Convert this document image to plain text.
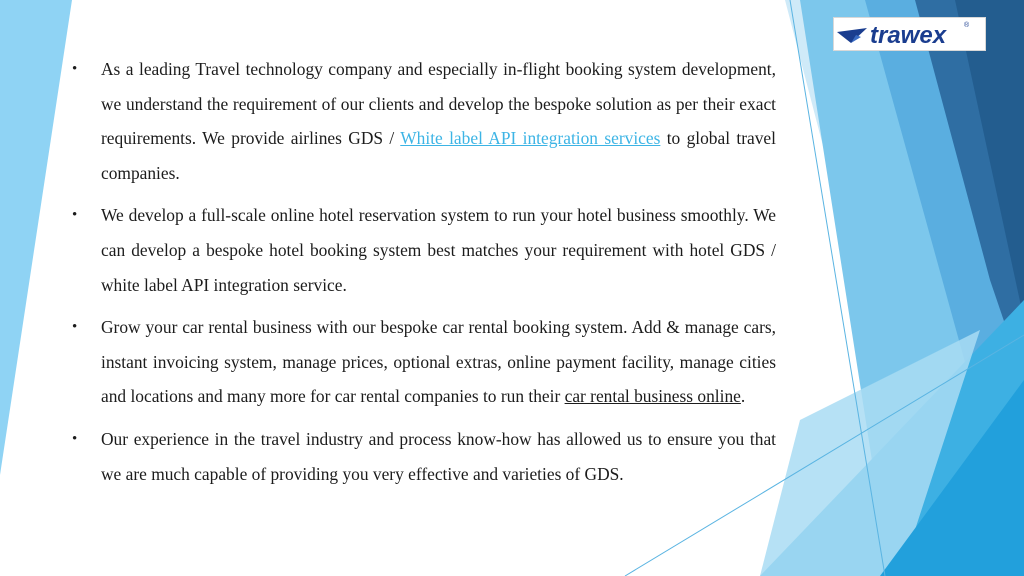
trawex	®
• As a leading Travel technology company and especially in-flight booking system development, we understand the requirement of our clients and develop the bespoke solution as per their exact requirements. We provide airlines GDS / White label API integration services to global travel companies.
• We develop a full-scale online hotel reservation system to run your hotel business smoothly. We can develop a bespoke hotel booking system best matches your requirement with hotel GDS / white label API integration service.
• Grow your car rental business with our bespoke car rental booking system. Add & manage cars, instant invoicing system, manage prices, optional extras, online payment facility, manage cities and locations and many more for car rental companies to run their car rental business online.
• Our experience in the travel industry and process know-how has allowed us to ensure you that we are much capable of providing you very effective and varieties of GDS.
